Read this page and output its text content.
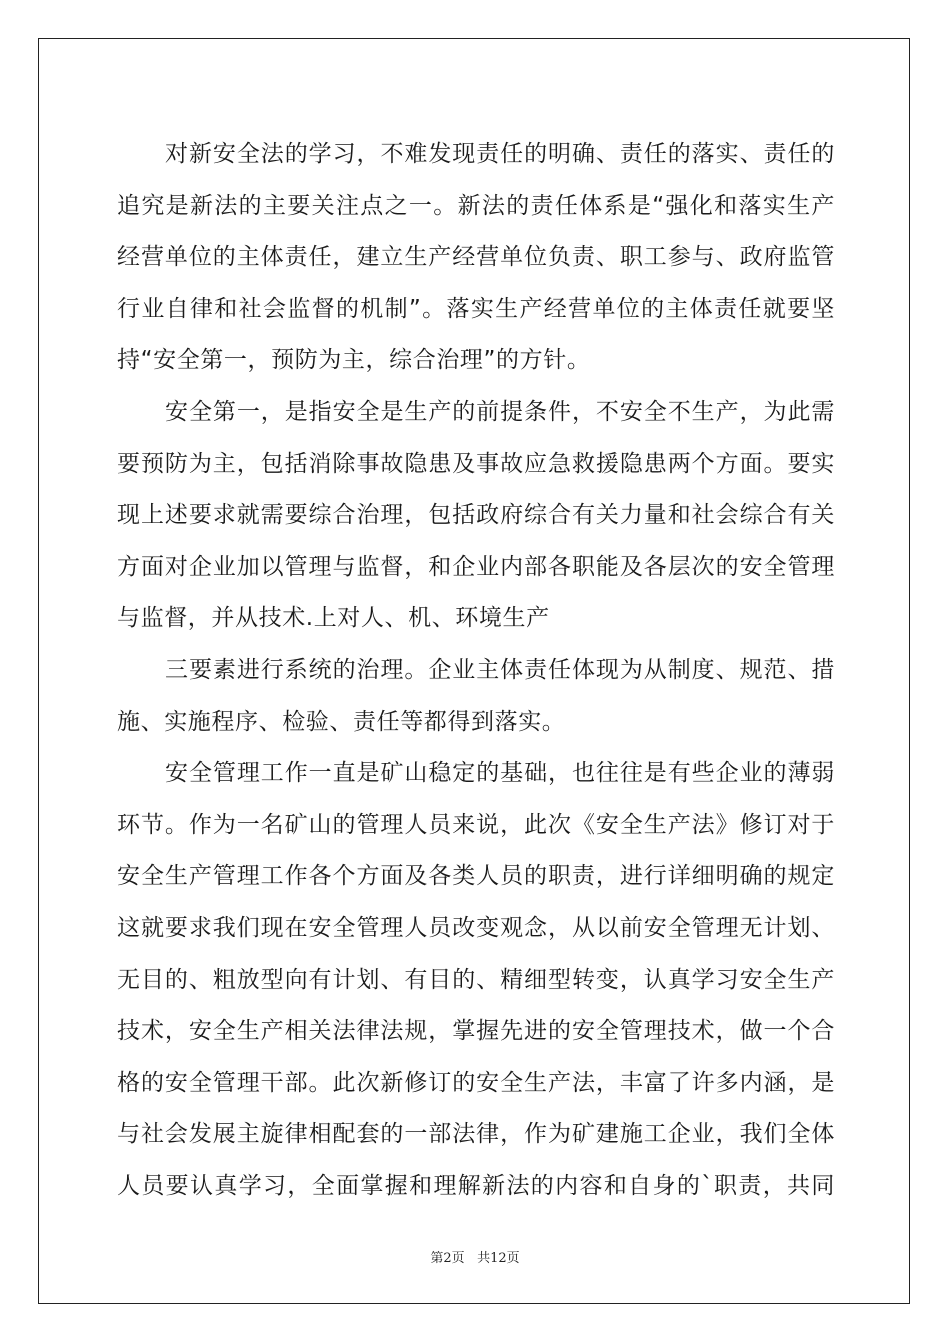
对新安全法的学习，不难发现责任的明确、责任的落实、责任的
追究是新法的主要关注点之一。新法的责任体系是“强化和落实生产
经营单位的主体责任，建立生产经营单位负责、职工参与、政府监管
行业自律和社会监督的机制”。落实生产经营单位的主体责任就要坚
持“安全第一，预防为主，综合治理”的方针。
安全第一，是指安全是生产的前提条件，不安全不生产，为此需
要预防为主，包括消除事故隐患及事故应急救援隐患两个方面。要实
现上述要求就需要综合治理，包括政府综合有关力量和社会综合有关
方面对企业加以管理与监督，和企业内部各职能及各层次的安全管理
与监督，并从技术.上对人、机、环境生产
三要素进行系统的治理。企业主体责任体现为从制度、规范、措
施、实施程序、检验、责任等都得到落实。
安全管理工作一直是矿山稳定的基础，也往往是有些企业的薄弱
环节。作为一名矿山的管理人员来说，此次《安全生产法》修订对于
安全生产管理工作各个方面及各类人员的职责，进行详细明确的规定
这就要求我们现在安全管理人员改变观念，从以前安全管理无计划、
无目的、粗放型向有计划、有目的、精细型转变，认真学习安全生产
技术，安全生产相关法律法规，掌握先进的安全管理技术，做一个合
格的安全管理干部。此次新修订的安全生产法，丰富了许多内涵，是
与社会发展主旋律相配套的一部法律，作为矿建施工企业，我们全体
人员要认真学习，全面掌握和理解新法的内容和自身的`职责，共同
第2页 共12页
